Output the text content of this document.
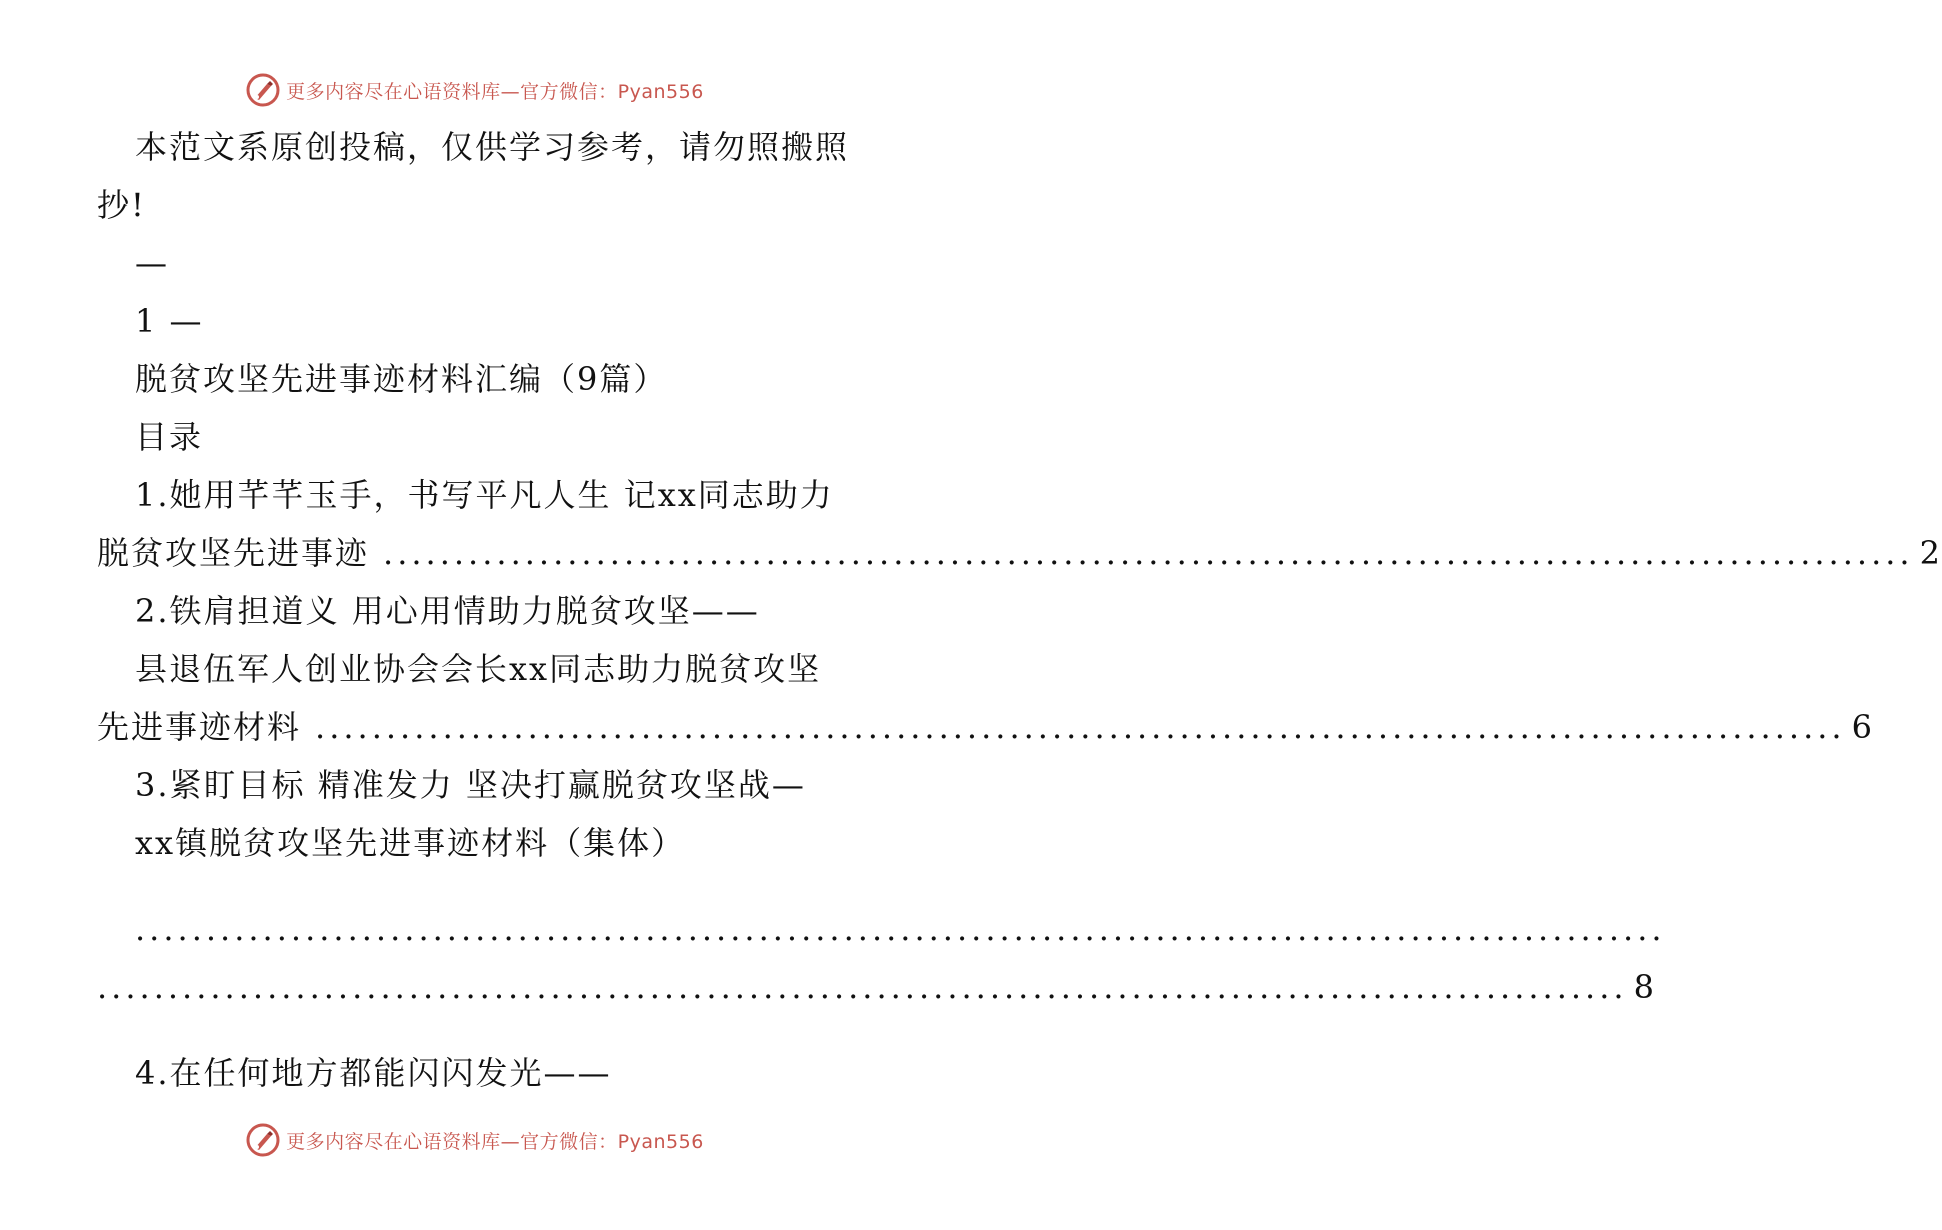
更多内容尽在心语资料库—官方微信：Pyan556
本范文系原创投稿，仅供学习参考，请勿照搬照
抄!
—
1 —
脱贫攻坚先进事迹材料汇编（9篇）
目录
1.她用芊芊玉手，书写平凡人生 记xx同志助力
脱贫攻坚先进事迹 ............................................................................................................ 2
2.铁肩担道义 用心用情助力脱贫攻坚——
县退伍军人创业协会会长xx同志助力脱贫攻坚
先进事迹材料 ............................................................................................................ 6
3.紧盯目标 精准发力 坚决打赢脱贫攻坚战—
xx镇脱贫攻坚先进事迹材料（集体）
............................................................................................................
............................................................................................................ 8
4.在任何地方都能闪闪发光——
更多内容尽在心语资料库—官方微信：Pyan556
